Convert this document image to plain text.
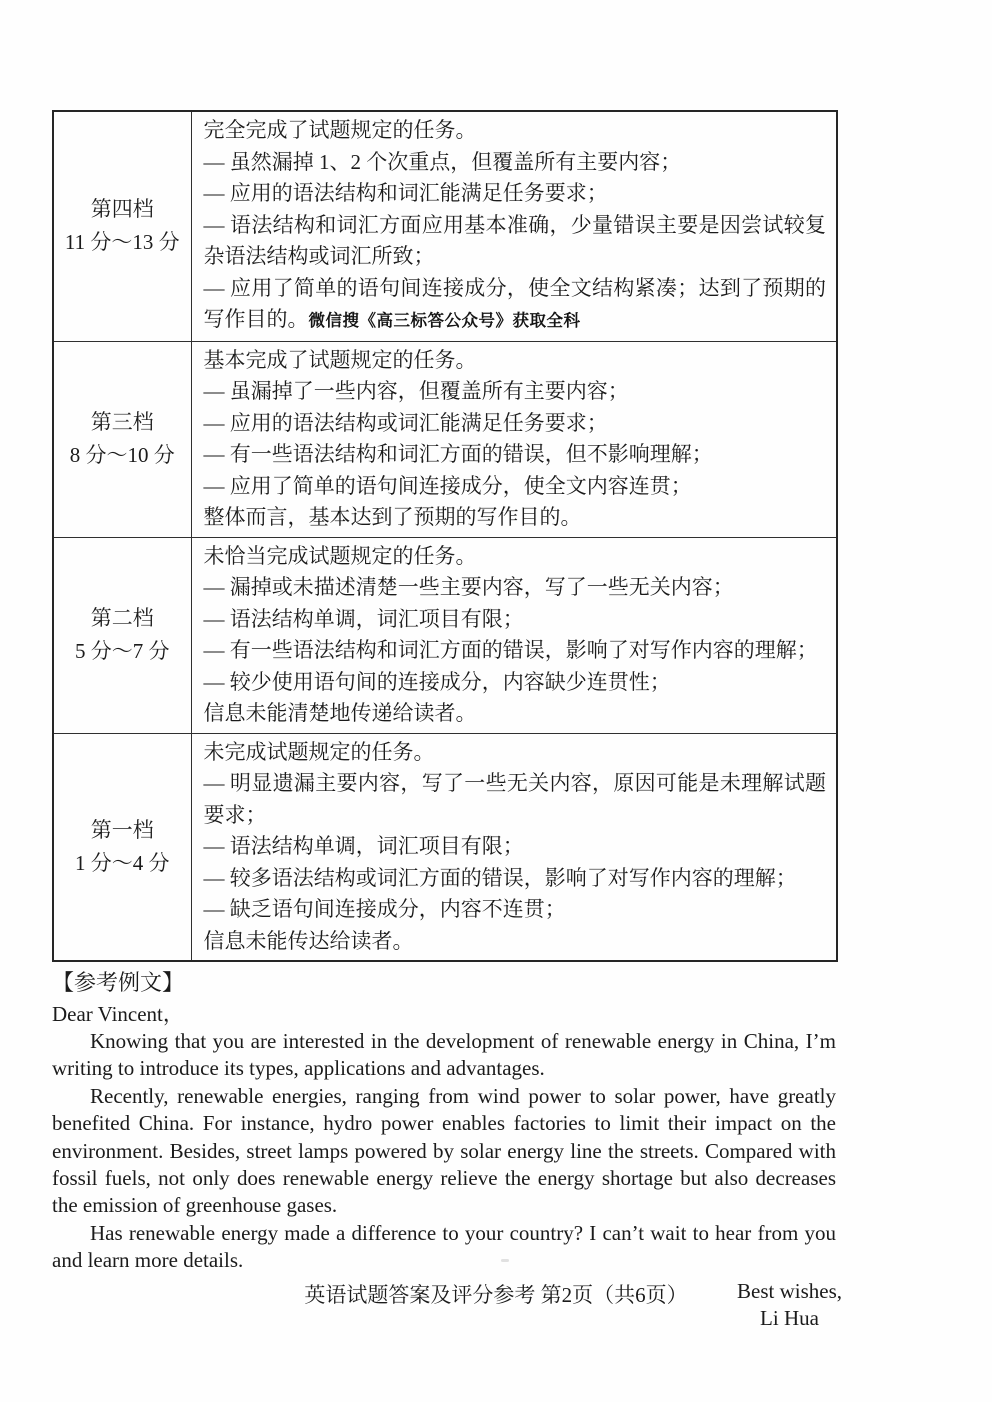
第四档
11 分～13 分

完全完成了试题规定的任务。
— 虽然漏掉 1、2 个次重点，但覆盖所有主要内容；
— 应用的语法结构和词汇能满足任务要求；
— 语法结构和词汇方面应用基本准确，少量错误主要是因尝试较复杂语法结构或词汇所致；
— 应用了简单的语句间连接成分，使全文结构紧凑；达到了预期的写作目的。微信搜《高三标答公众号》获取全科

第三档
8 分～10 分

基本完成了试题规定的任务。
— 虽漏掉了一些内容，但覆盖所有主要内容；
— 应用的语法结构或词汇能满足任务要求；
— 有一些语法结构和词汇方面的错误，但不影响理解；
— 应用了简单的语句间连接成分，使全文内容连贯；
整体而言，基本达到了预期的写作目的。

第二档
5 分～7 分

未恰当完成试题规定的任务。
— 漏掉或未描述清楚一些主要内容，写了一些无关内容；
— 语法结构单调，词汇项目有限；
— 有一些语法结构和词汇方面的错误，影响了对写作内容的理解；
— 较少使用语句间的连接成分，内容缺少连贯性；
信息未能清楚地传递给读者。

第一档
1 分～4 分

未完成试题规定的任务。
— 明显遗漏主要内容，写了一些无关内容，原因可能是未理解试题要求；
— 语法结构单调，词汇项目有限；
— 较多语法结构或词汇方面的错误，影响了对写作内容的理解；
— 缺乏语句间连接成分，内容不连贯；
信息未能传达给读者。
【参考例文】

Dear Vincent，

Knowing that you are interested in the development of renewable energy in China, I’m writing to introduce its types, applications and advantages.

Recently, renewable energies, ranging from wind power to solar power, have greatly benefited China. For instance, hydro power enables factories to limit their impact on the environment. Besides, street lamps powered by solar energy line the streets. Compared with fossil fuels, not only does renewable energy relieve the energy shortage but also decreases the emission of greenhouse gases.

Has renewable energy made a difference to your country? I can’t wait to hear from you and learn more details.

Best wishes,

Li Hua

英语试题答案及评分参考 第2页（共6页）
